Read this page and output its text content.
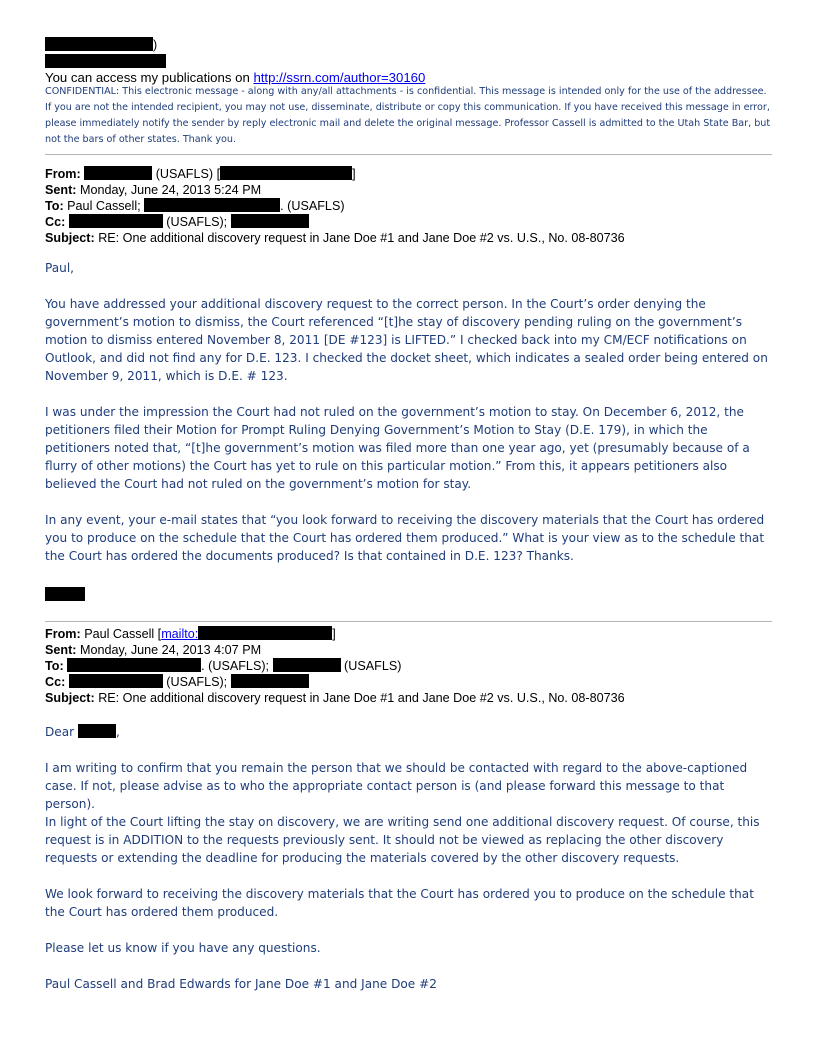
)
You can access my publications on http://ssrn.com/author=30160

CONFIDENTIAL: This electronic message - along with any/all attachments - is confidential. This message is intended only for the use of the addressee. If you are not the intended recipient, you may not use, disseminate, distribute or copy this communication. If you have received this message in error, please immediately notify the sender by reply electronic mail and delete the original message. Professor Cassell is admitted to the Utah State Bar, but not the bars of other states. Thank you.

From:	(USAFLS) [	]

Sent: Monday, June 24, 2013 5:24 PM

To: Paul Cassell;	. (USAFLS)

Cc:	(USAFLS);

Subject: RE: One additional discovery request in Jane Doe #1 and Jane Doe #2 vs. U.S., No. 08-80736

Paul,

You have addressed your additional discovery request to the correct person. In the Court’s order denying the government’s motion to dismiss, the Court referenced “[t]he stay of discovery pending ruling on the government’s motion to dismiss entered November 8, 2011 [DE #123] is LIFTED.” I checked back into my CM/ECF notifications on Outlook, and did not find any for D.E. 123. I checked the docket sheet, which indicates a sealed order being entered on November 9, 2011, which is D.E. # 123.

I was under the impression the Court had not ruled on the government’s motion to stay. On December 6, 2012, the petitioners filed their Motion for Prompt Ruling Denying Government’s Motion to Stay (D.E. 179), in which the petitioners noted that, “[t]he government’s motion was filed more than one year ago, yet (presumably because of a flurry of other motions) the Court has yet to rule on this particular motion.” From this, it appears petitioners also believed the Court had not ruled on the government’s motion for stay.

In any event, your e-mail states that “you look forward to receiving the discovery materials that the Court has ordered you to produce on the schedule that the Court has ordered them produced.” What is your view as to the schedule that the Court has ordered the documents produced? Is that contained in D.E. 123? Thanks.

From: Paul Cassell [mailto:	]

Sent: Monday, June 24, 2013 4:07 PM

To:	. (USAFLS);	(USAFLS)

Cc:	(USAFLS);

Subject: RE: One additional discovery request in Jane Doe #1 and Jane Doe #2 vs. U.S., No. 08-80736

Dear	,

I am writing to confirm that you remain the person that we should be contacted with regard to the above-captioned case. If not, please advise as to who the appropriate contact person is (and please forward this message to that person).

In light of the Court lifting the stay on discovery, we are writing send one additional discovery request. Of course, this request is in ADDITION to the requests previously sent. It should not be viewed as replacing the other discovery requests or extending the deadline for producing the materials covered by the other discovery requests.

We look forward to receiving the discovery materials that the Court has ordered you to produce on the schedule that the Court has ordered them produced.

Please let us know if you have any questions.

Paul Cassell and Brad Edwards for Jane Doe #1 and Jane Doe #2
